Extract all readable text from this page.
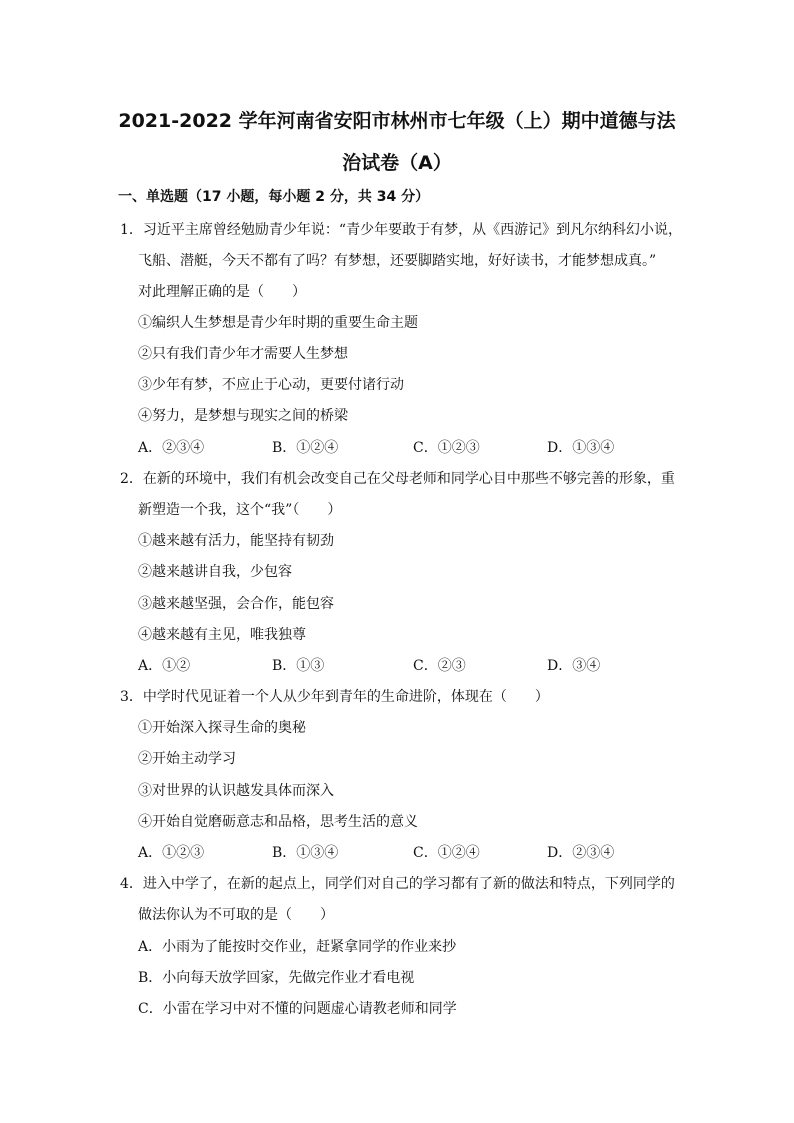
2021-2022 学年河南省安阳市林州市七年级（上）期中道德与法
治试卷（A）
一、单选题（17 小题，每小题 2 分，共 34 分）
1．习近平主席曾经勉励青少年说：“青少年要敢于有梦，从《西游记》到凡尔纳科幻小说，
飞船、潜艇，今天不都有了吗？有梦想，还要脚踏实地，好好读书，才能梦想成真。”
对此理解正确的是（　　）
①编织人生梦想是青少年时期的重要生命主题
②只有我们青少年才需要人生梦想
③少年有梦，不应止于心动，更要付诸行动
④努力，是梦想与现实之间的桥梁
A．②③④	B．①②④	C．①②③	D．①③④
2．在新的环境中，我们有机会改变自己在父母老师和同学心目中那些不够完善的形象，重
新塑造一个我，这个“我”（　　）
①越来越有活力，能坚持有韧劲
②越来越讲自我，少包容
③越来越坚强，会合作，能包容
④越来越有主见，唯我独尊
A．①②	B．①③	C．②③	D．③④
3．中学时代见证着一个人从少年到青年的生命进阶，体现在（　　）
①开始深入探寻生命的奥秘
②开始主动学习
③对世界的认识越发具体而深入
④开始自觉磨砺意志和品格，思考生活的意义
A．①②③	B．①③④	C．①②④	D．②③④
4．进入中学了，在新的起点上，同学们对自己的学习都有了新的做法和特点，下列同学的
做法你认为不可取的是（　　）
A．小雨为了能按时交作业，赶紧拿同学的作业来抄
B．小向每天放学回家，先做完作业才看电视
C．小雷在学习中对不懂的问题虚心请教老师和同学
